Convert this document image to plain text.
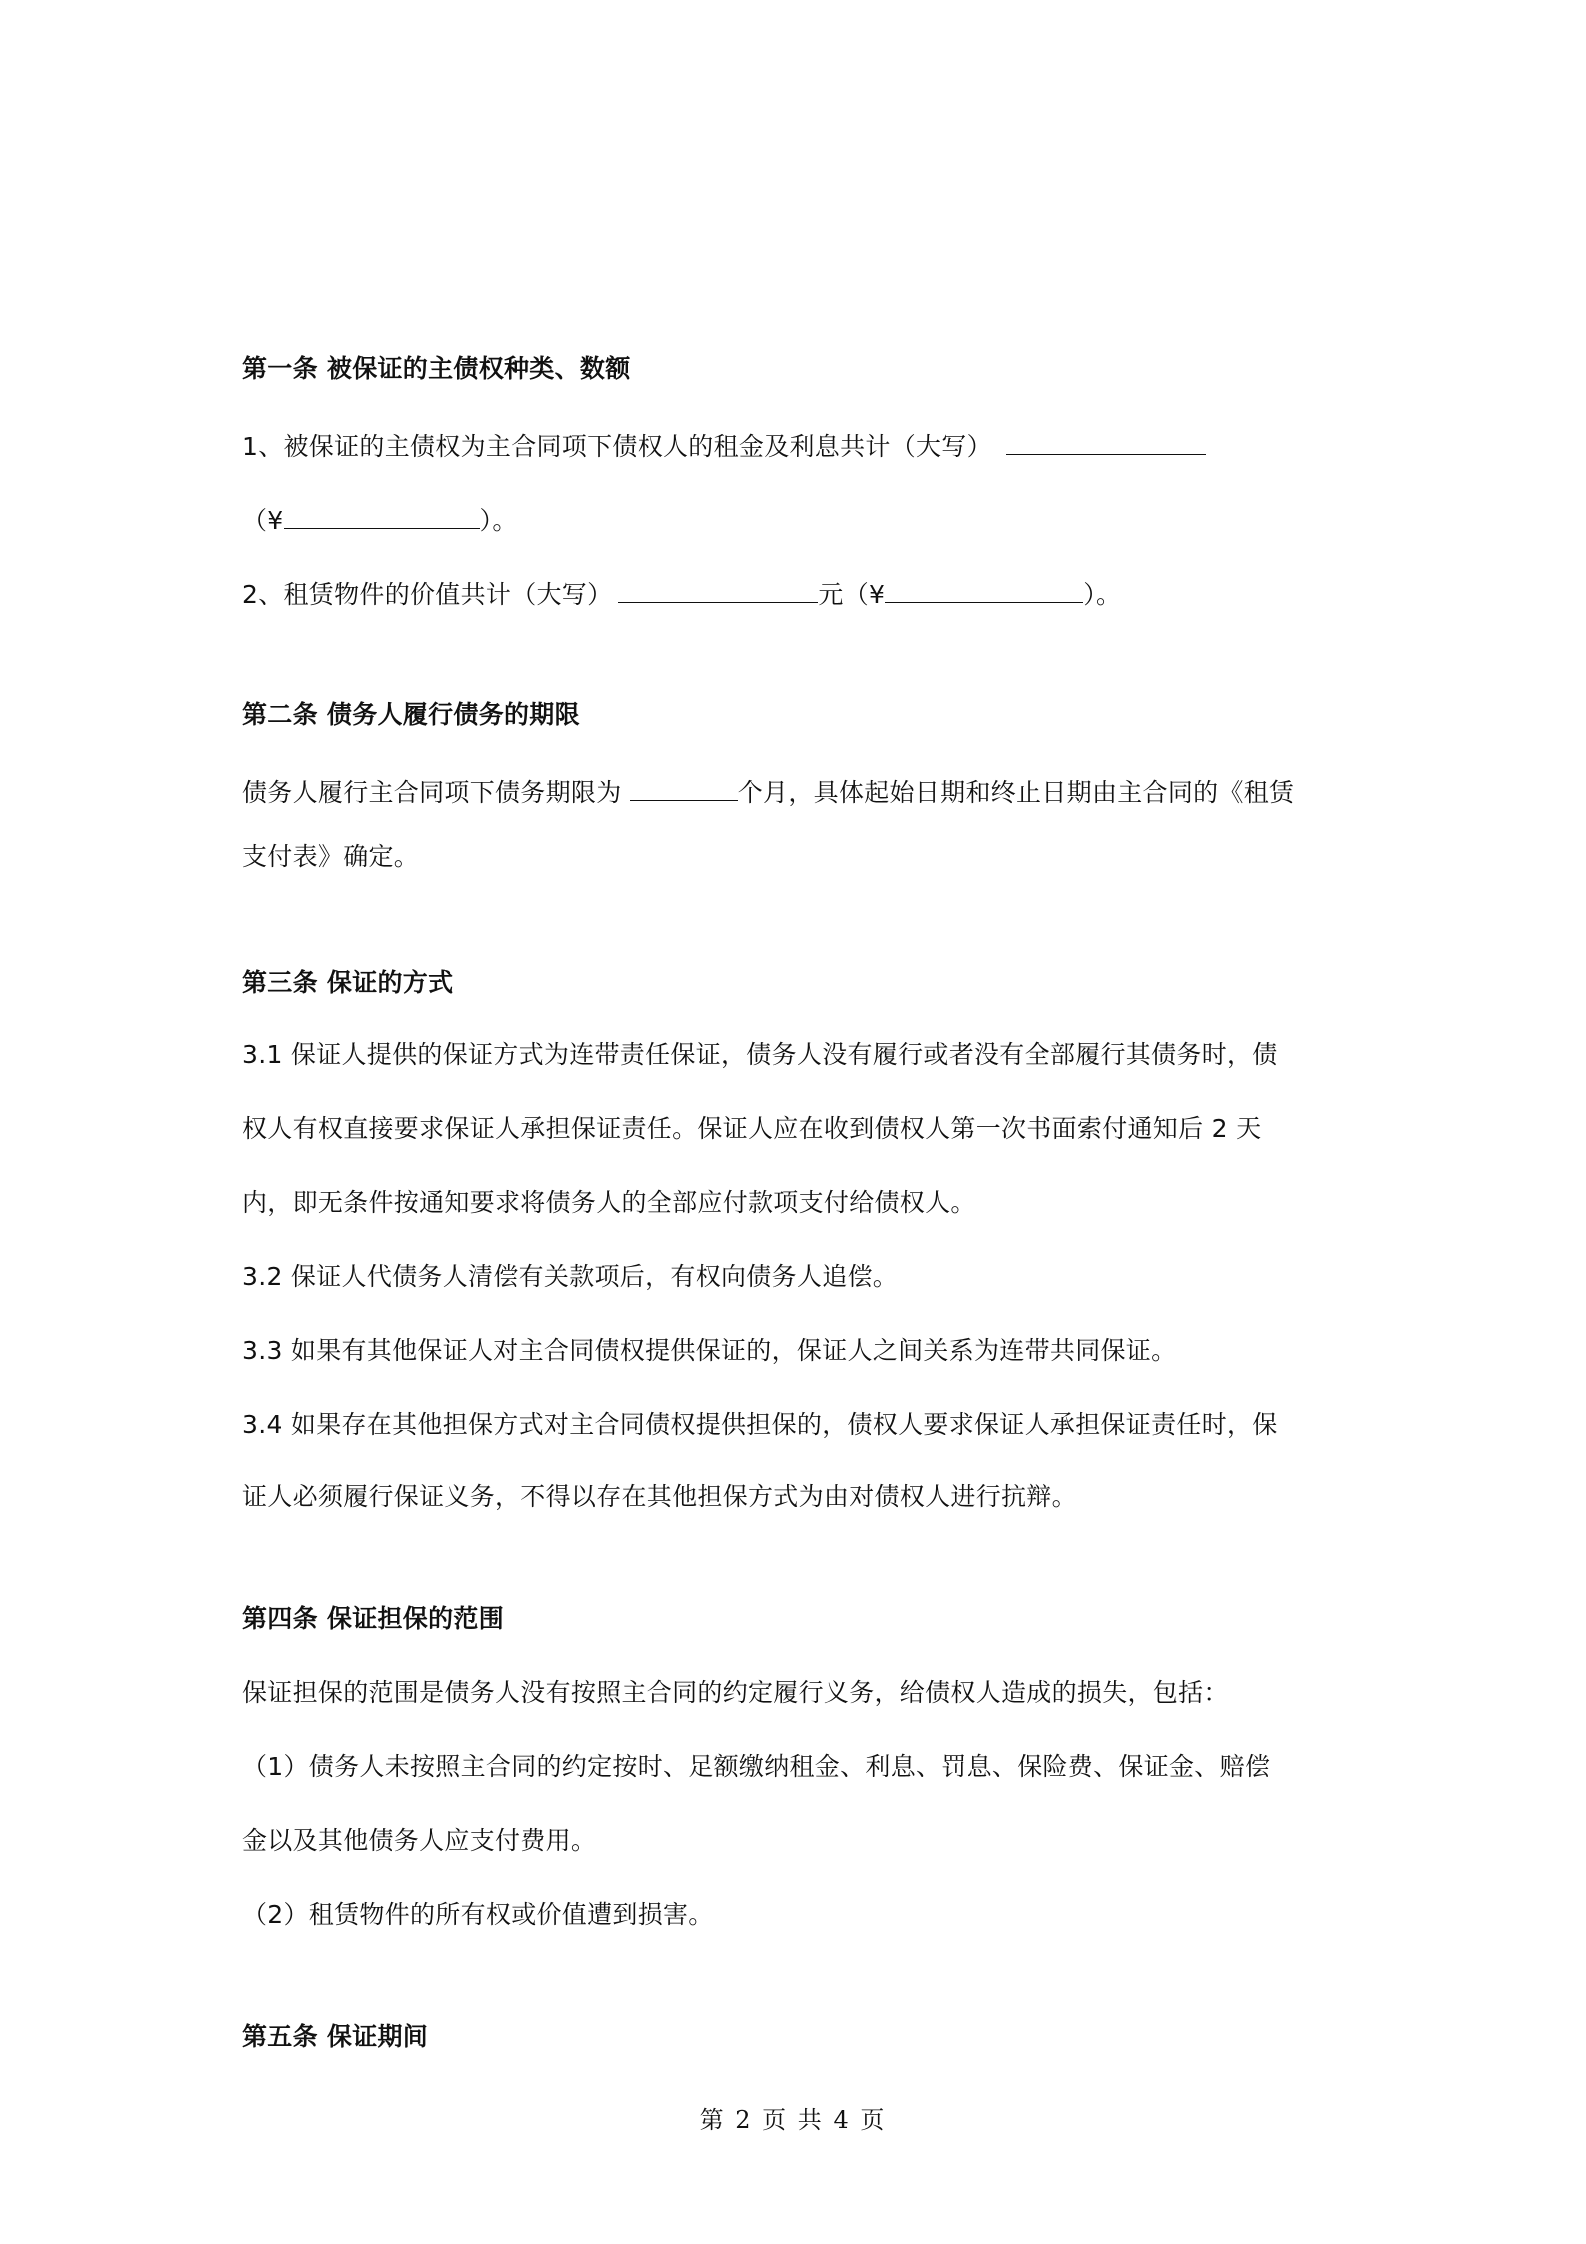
第一条 被保证的主债权种类、数额
1、被保证的主债权为主合同项下债权人的租金及利息共计（大写）
（¥	）。
2、租赁物件的价值共计（大写）	元（¥	）。
第二条 债务人履行债务的期限
债务人履行主合同项下债务期限为	个月，具体起始日期和终止日期由主合同的《租赁
支付表》确定。
第三条 保证的方式
3.1 保证人提供的保证方式为连带责任保证，债务人没有履行或者没有全部履行其债务时，债
权人有权直接要求保证人承担保证责任。保证人应在收到债权人第一次书面索付通知后 2 天
内，即无条件按通知要求将债务人的全部应付款项支付给债权人。
3.2 保证人代债务人清偿有关款项后，有权向债务人追偿。
3.3 如果有其他保证人对主合同债权提供保证的，保证人之间关系为连带共同保证。
3.4 如果存在其他担保方式对主合同债权提供担保的，债权人要求保证人承担保证责任时，保
证人必须履行保证义务，不得以存在其他担保方式为由对债权人进行抗辩。
第四条 保证担保的范围
保证担保的范围是债务人没有按照主合同的约定履行义务，给债权人造成的损失，包括：
（1）债务人未按照主合同的约定按时、足额缴纳租金、利息、罚息、保险费、保证金、赔偿
金以及其他债务人应支付费用。
（2）租赁物件的所有权或价值遭到损害。
第五条 保证期间
第 2 页 共 4 页
